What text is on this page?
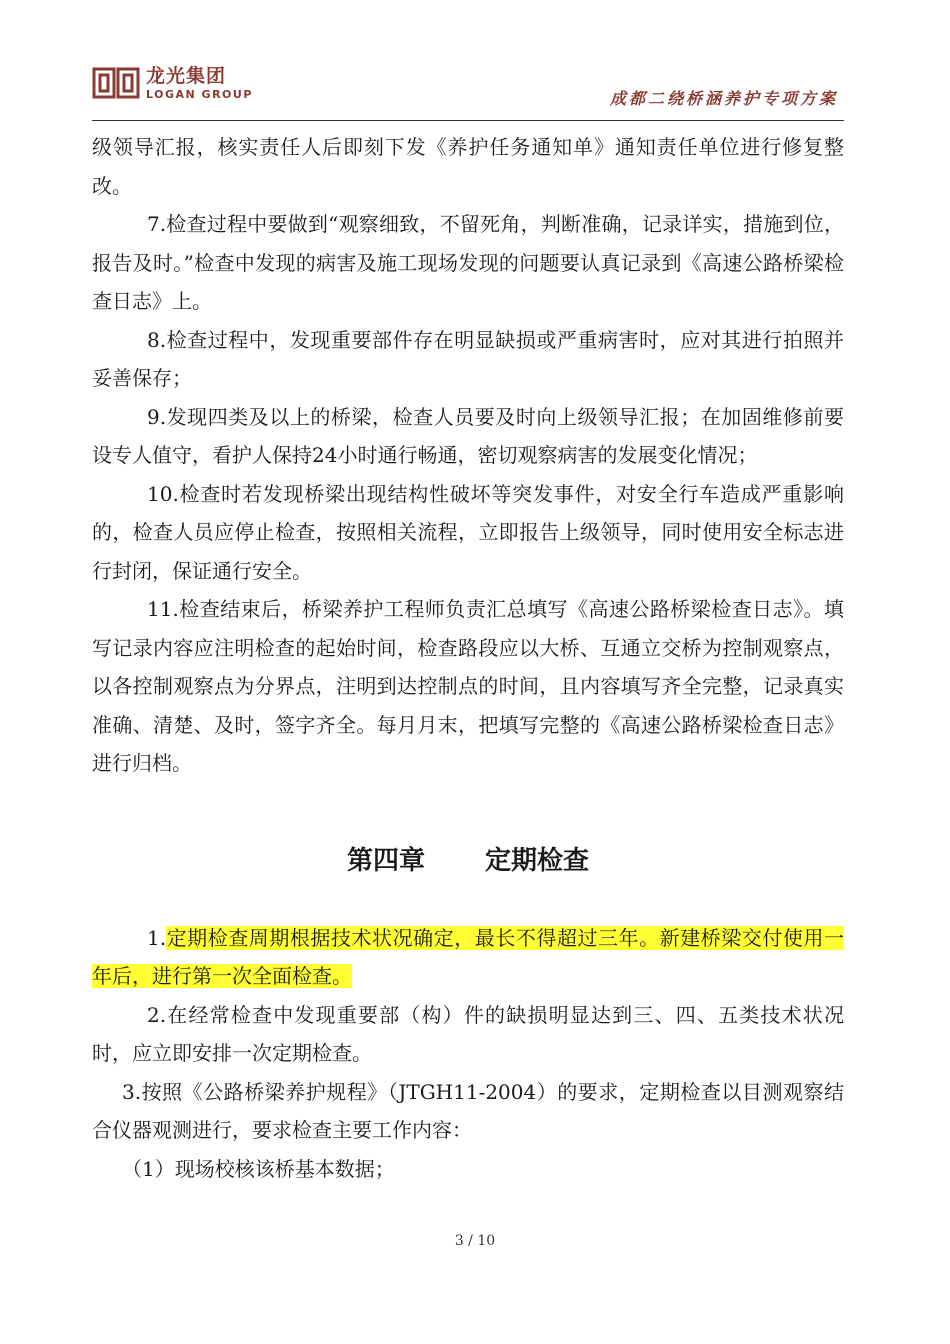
龙光集团
LOGAN GROUP	成都二绕桥涵养护专项方案

级领导汇报，核实责任人后即刻下发《养护任务通知单》通知责任单位进行修复整改。

7.检查过程中要做到“观察细致，不留死角，判断准确，记录详实，措施到位，报告及时。”检查中发现的病害及施工现场发现的问题要认真记录到《高速公路桥梁检查日志》上。

8.检查过程中，发现重要部件存在明显缺损或严重病害时，应对其进行拍照并妥善保存；

9.发现四类及以上的桥梁，检查人员要及时向上级领导汇报；在加固维修前要设专人值守，看护人保持24小时通行畅通，密切观察病害的发展变化情况；

10.检查时若发现桥梁出现结构性破坏等突发事件，对安全行车造成严重影响的，检查人员应停止检查，按照相关流程，立即报告上级领导，同时使用安全标志进行封闭，保证通行安全。

11.检查结束后，桥梁养护工程师负责汇总填写《高速公路桥梁检查日志》。填写记录内容应注明检查的起始时间，检查路段应以大桥、互通立交桥为控制观察点，以各控制观察点为分界点，注明到达控制点的时间，且内容填写齐全完整，记录真实准确、清楚、及时，签字齐全。每月月末，把填写完整的《高速公路桥梁检查日志》进行归档。

第四章 定期检查

1.定期检查周期根据技术状况确定，最长不得超过三年。新建桥梁交付使用一年后，进行第一次全面检查。

2.在经常检查中发现重要部（构）件的缺损明显达到三、四、五类技术状况时，应立即安排一次定期检查。

3.按照《公路桥梁养护规程》（JTGH11-2004）的要求，定期检查以目测观察结合仪器观测进行，要求检查主要工作内容：

（1）现场校核该桥基本数据；

3 / 10
